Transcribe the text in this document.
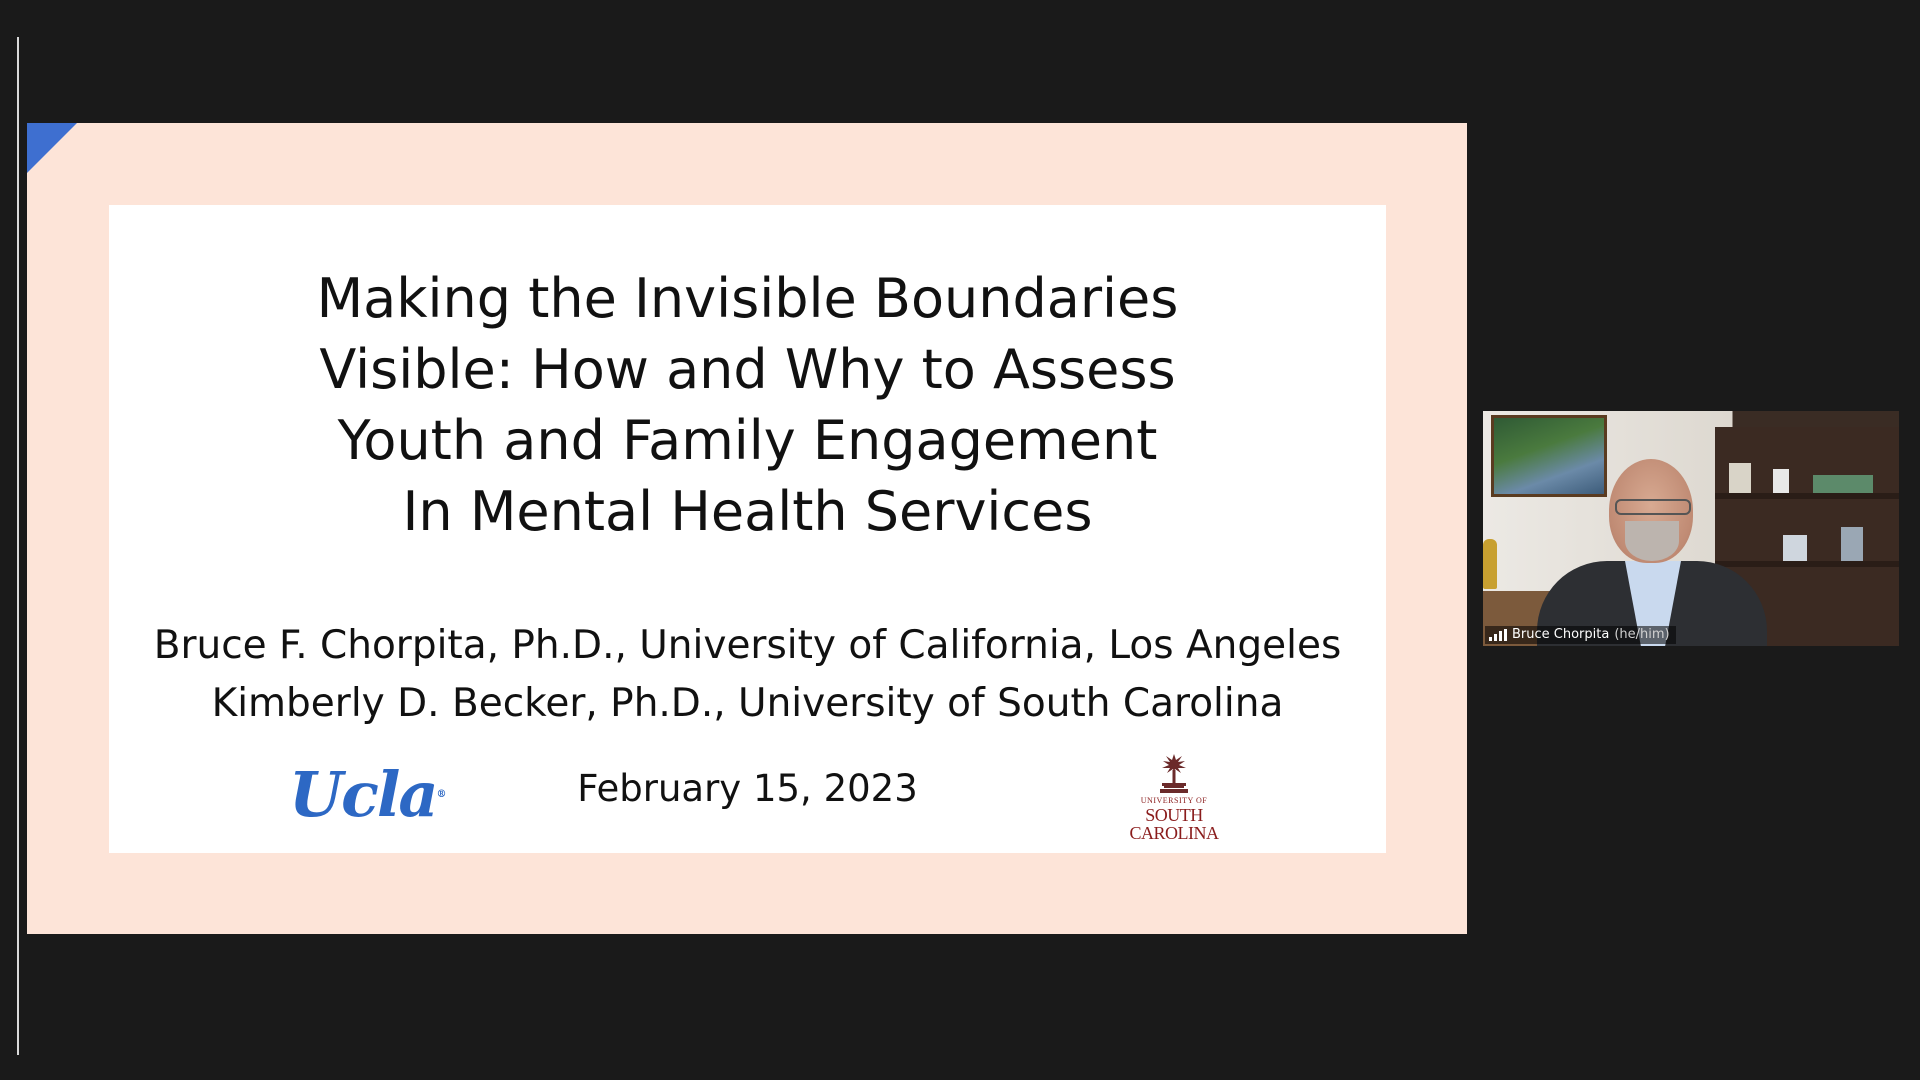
Making the Invisible Boundaries
Visible: How and Why to Assess
Youth and Family Engagement
In Mental Health Services
Bruce F. Chorpita, Ph.D., University of California, Los Angeles
Kimberly D. Becker, Ph.D., University of South Carolina
February 15, 2023
Ucla®
UNIVERSITY OF
SOUTH CAROLINA
Bruce Chorpita (he/him)
